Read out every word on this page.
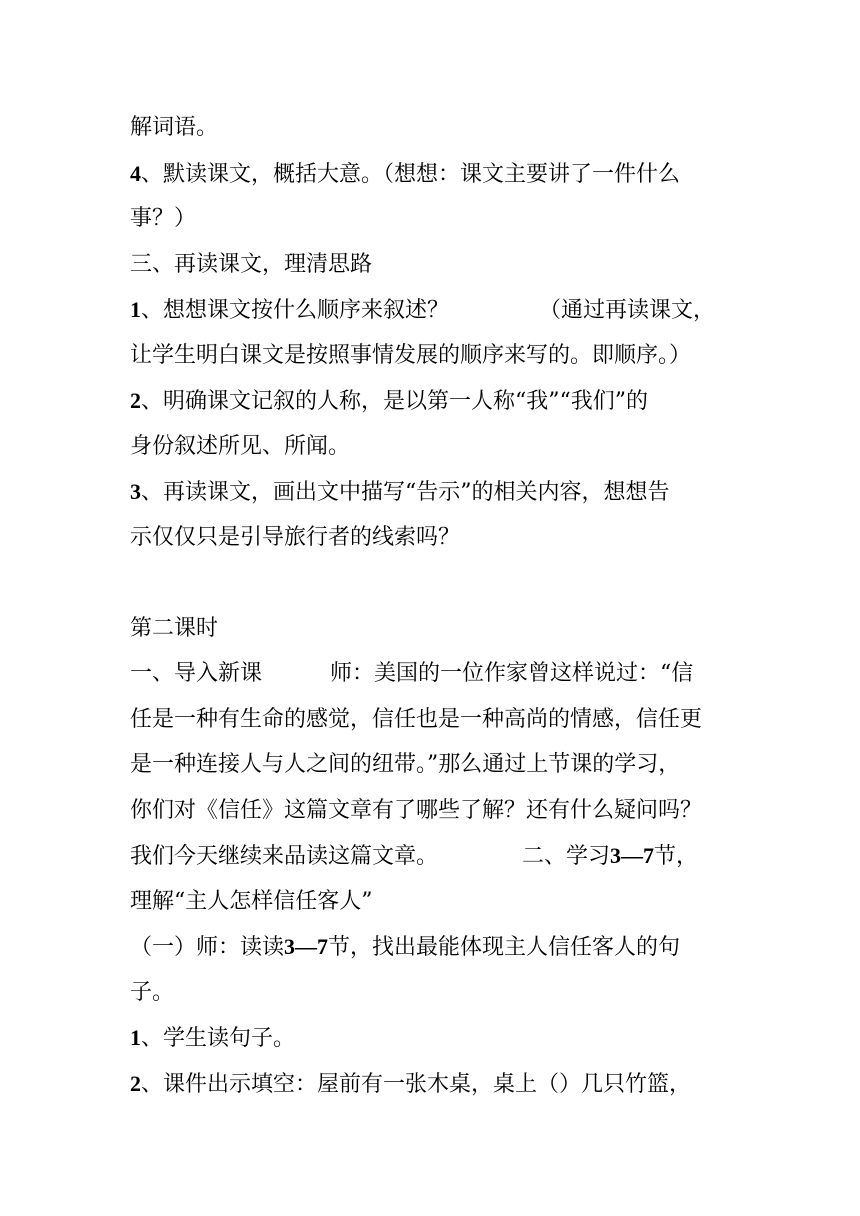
解词语。
4、默读课文，概括大意。（想想：课文主要讲了一件什么
事？）
三、再读课文，理清思路
1、想想课文按什么顺序来叙述？	（通过再读课文，
让学生明白课文是按照事情发展的顺序来写的。即顺序。）
2、明确课文记叙的人称，是以第一人称“我”“我们”的
身份叙述所见、所闻。
3、再读课文，画出文中描写“告示”的相关内容，想想告
示仅仅只是引导旅行者的线索吗？
第二课时
一、导入新课	师：美国的一位作家曾这样说过：“信
任是一种有生命的感觉，信任也是一种高尚的情感，信任更
是一种连接人与人之间的纽带。”那么通过上节课的学习，
你们对《信任》这篇文章有了哪些了解？还有什么疑问吗？
我们今天继续来品读这篇文章。	二、学习3—7节，
理解“主人怎样信任客人”
（一）师：读读3—7节，找出最能体现主人信任客人的句
子。
1、学生读句子。
2、课件出示填空：屋前有一张木桌，桌上（）几只竹篮，
